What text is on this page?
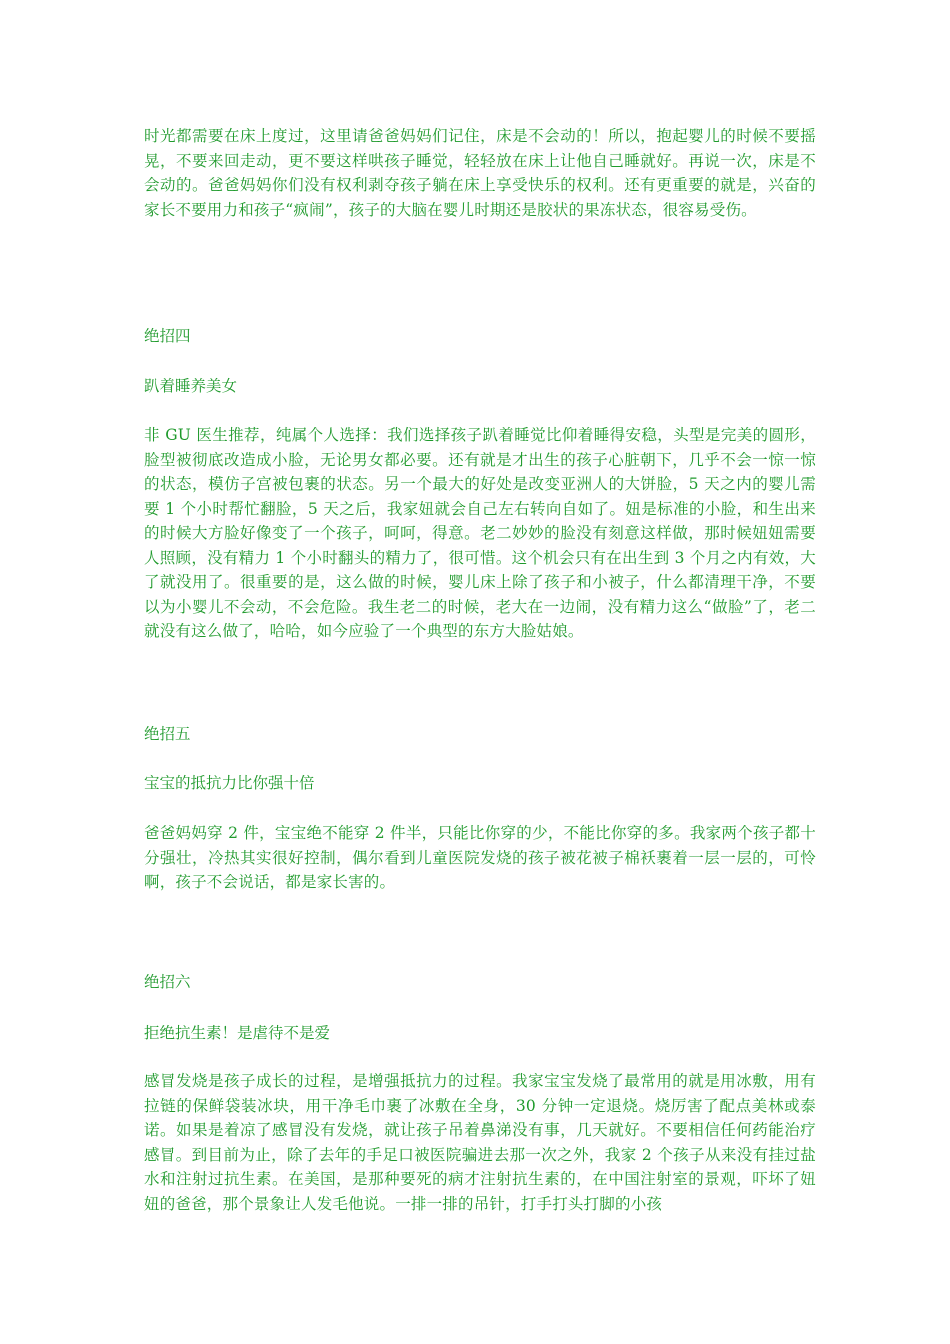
时光都需要在床上度过，这里请爸爸妈妈们记住，床是不会动的！所以，抱起婴儿的时候不要摇晃，不要来回走动，更不要这样哄孩子睡觉，轻轻放在床上让他自己睡就好。再说一次，床是不会动的。爸爸妈妈你们没有权利剥夺孩子躺在床上享受快乐的权利。还有更重要的就是，兴奋的家长不要用力和孩子“疯闹”，孩子的大脑在婴儿时期还是胶状的果冻状态，很容易受伤。

绝招四

趴着睡养美女

非 GU 医生推荐，纯属个人选择：我们选择孩子趴着睡觉比仰着睡得安稳，头型是完美的圆形，脸型被彻底改造成小脸，无论男女都必要。还有就是才出生的孩子心脏朝下，几乎不会一惊一惊的状态，模仿子宫被包裹的状态。另一个最大的好处是改变亚洲人的大饼脸，5 天之内的婴儿需要 1 个小时帮忙翻脸，5 天之后，我家妞就会自己左右转向自如了。妞是标准的小脸，和生出来的时候大方脸好像变了一个孩子，呵呵，得意。老二妙妙的脸没有刻意这样做，那时候妞妞需要人照顾，没有精力 1 个小时翻头的精力了，很可惜。这个机会只有在出生到 3 个月之内有效，大了就没用了。很重要的是，这么做的时候，婴儿床上除了孩子和小被子，什么都清理干净，不要以为小婴儿不会动，不会危险。我生老二的时候，老大在一边闹，没有精力这么“做脸”了，老二就没有这么做了，哈哈，如今应验了一个典型的东方大脸姑娘。

绝招五

宝宝的抵抗力比你强十倍

爸爸妈妈穿 2 件，宝宝绝不能穿 2 件半，只能比你穿的少，不能比你穿的多。我家两个孩子都十分强壮，冷热其实很好控制，偶尔看到儿童医院发烧的孩子被花被子棉袄裹着一层一层的，可怜啊，孩子不会说话，都是家长害的。

绝招六

拒绝抗生素！是虐待不是爱

感冒发烧是孩子成长的过程，是增强抵抗力的过程。我家宝宝发烧了最常用的就是用冰敷，用有拉链的保鲜袋装冰块，用干净毛巾裹了冰敷在全身，30 分钟一定退烧。烧厉害了配点美林或泰诺。如果是着凉了感冒没有发烧，就让孩子吊着鼻涕没有事，几天就好。不要相信任何药能治疗感冒。到目前为止，除了去年的手足口被医院骗进去那一次之外，我家 2 个孩子从来没有挂过盐水和注射过抗生素。在美国，是那种要死的病才注射抗生素的，在中国注射室的景观，吓坏了妞妞的爸爸，那个景象让人发毛他说。一排一排的吊针，打手打头打脚的小孩
